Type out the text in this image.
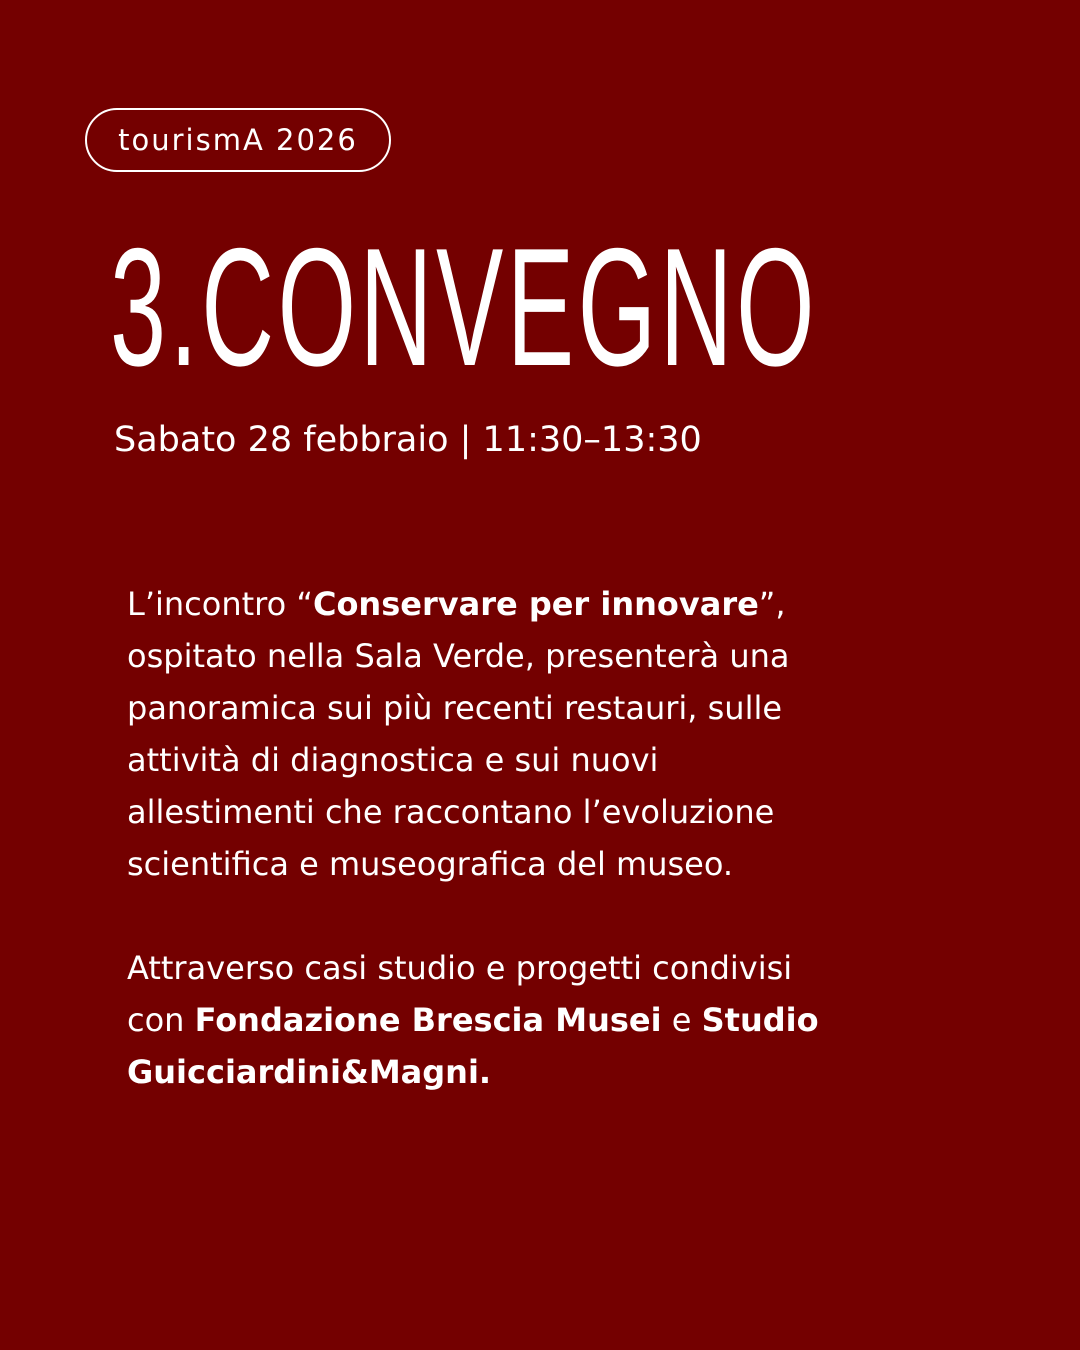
tourismA 2026
3.CONVEGNO
Sabato 28 febbraio | 11:30–13:30

L’incontro “Conservare per innovare”,
ospitato nella Sala Verde, presenterà una
panoramica sui più recenti restauri, sulle
attività di diagnostica e sui nuovi
allestimenti che raccontano l’evoluzione
scientifica e museografica del museo.

Attraverso casi studio e progetti condivisi
con Fondazione Brescia Musei e Studio
Guicciardini&Magni.
